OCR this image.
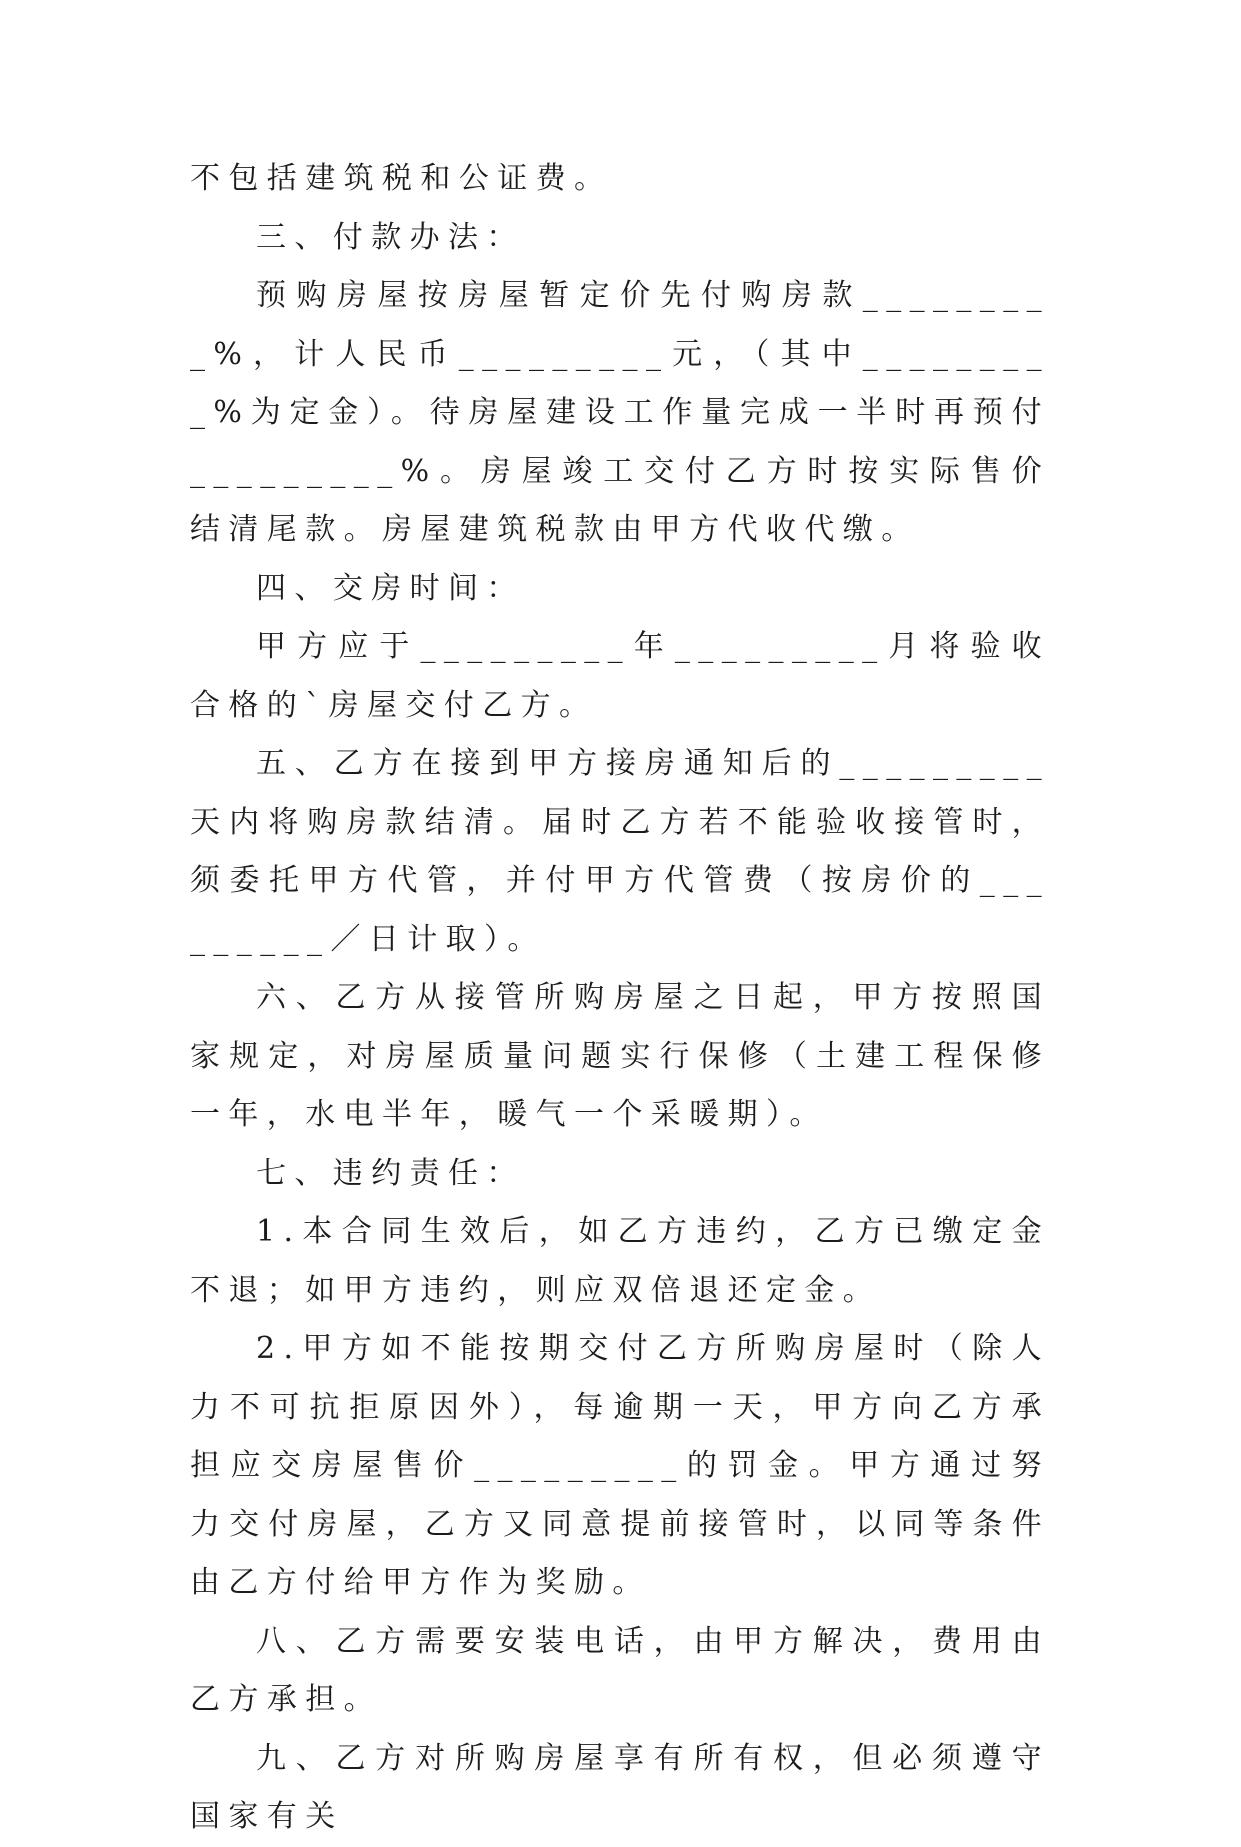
不包括建筑税和公证费。

三、付款办法：

预购房屋按房屋暂定价先付购房款_________%，计人民币_________元，（其中_________%为定金）。待房屋建设工作量完成一半时再预付_________%。房屋竣工交付乙方时按实际售价结清尾款。房屋建筑税款由甲方代收代缴。

四、交房时间：

甲方应于_________年_________月将验收合格的`房屋交付乙方。

五、乙方在接到甲方接房通知后的_________天内将购房款结清。届时乙方若不能验收接管时，须委托甲方代管，并付甲方代管费（按房价的_________／日计取）。

六、乙方从接管所购房屋之日起，甲方按照国家规定，对房屋质量问题实行保修（土建工程保修一年，水电半年，暖气一个采暖期）。

七、违约责任：

1.本合同生效后，如乙方违约，乙方已缴定金不退；如甲方违约，则应双倍退还定金。

2.甲方如不能按期交付乙方所购房屋时（除人力不可抗拒原因外），每逾期一天，甲方向乙方承担应交房屋售价_________的罚金。甲方通过努力交付房屋，乙方又同意提前接管时，以同等条件由乙方付给甲方作为奖励。

八、乙方需要安装电话，由甲方解决，费用由乙方承担。

九、乙方对所购房屋享有所有权，但必须遵守国家有关
